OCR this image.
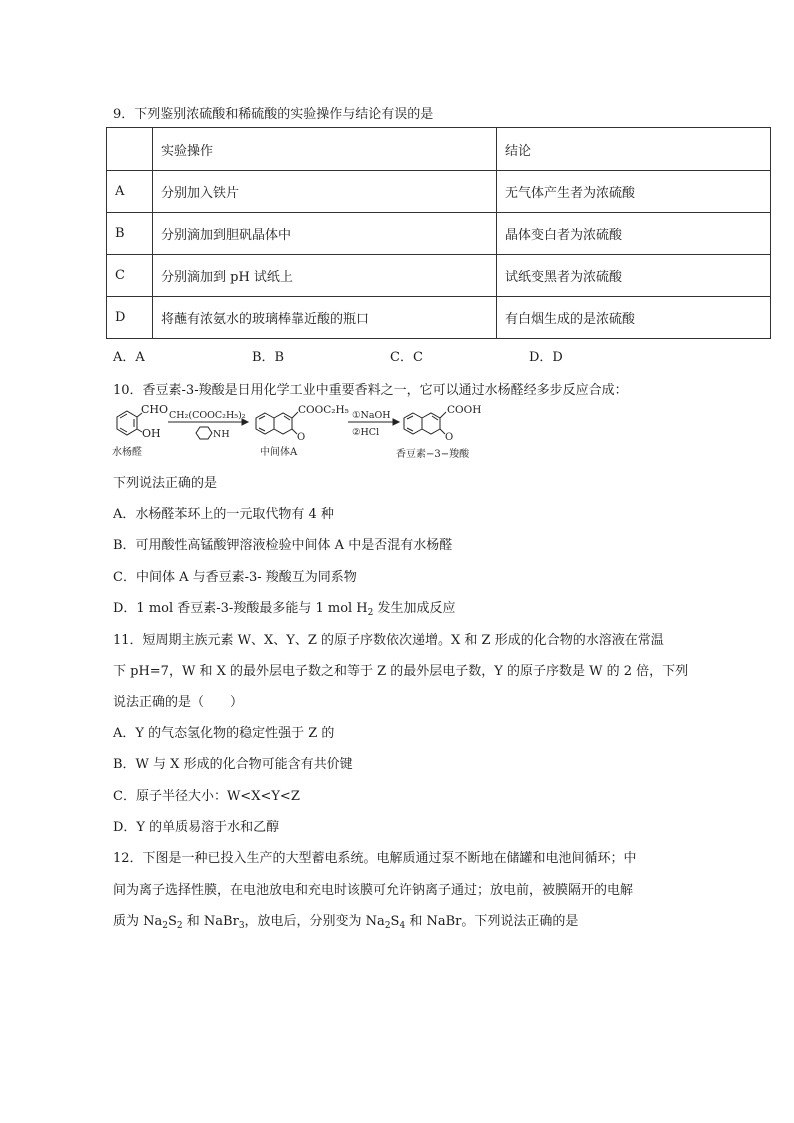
9．下列鉴别浓硫酸和稀硫酸的实验操作与结论有误的是
	实验操作	结论
A	分别加入铁片	无气体产生者为浓硫酸
B	分别滴加到胆矾晶体中	晶体变白者为浓硫酸
C	分别滴加到 pH 试纸上	试纸变黑者为浓硫酸
D	将蘸有浓氨水的玻璃棒靠近酸的瓶口	有白烟生成的是浓硫酸
A．A	B．B	C．C	D．D
10．香豆素-3-羧酸是日用化学工业中重要香料之一，它可以通过水杨醛经多步反应合成：
CHO
OH
水杨醛
CH₂(COOC₂H₅)₂
NH
COOC₂H₅
O
中间体A
①NaOH
②HCl
COOH
O
香豆素−3−羧酸
下列说法正确的是
A．水杨醛苯环上的一元取代物有 4 种
B．可用酸性高锰酸钾溶液检验中间体 A 中是否混有水杨醛
C．中间体 A 与香豆素-3- 羧酸互为同系物
D．1 mol 香豆素-3-羧酸最多能与 1 mol $H_2$ 发生加成反应
11．短周期主族元素 W、X、Y、Z 的原子序数依次递增。X 和 Z 形成的化合物的水溶液在常温
下 pH=7，W 和 X 的最外层电子数之和等于 Z 的最外层电子数，Y 的原子序数是 W 的 2 倍，下列
说法正确的是（　　）
A．Y 的气态氢化物的稳定性强于 Z 的
B．W 与 X 形成的化合物可能含有共价键
C．原子半径大小：W<X<Y<Z
D．Y 的单质易溶于水和乙醇
12．下图是一种已投入生产的大型蓄电系统。电解质通过泵不断地在储罐和电池间循环；中
间为离子选择性膜，在电池放电和充电时该膜可允许钠离子通过；放电前，被膜隔开的电解
质为 $Na_2S_2$ 和 NaBr$_3$，放电后，分别变为 $Na_2S_4$ 和 NaBr。下列说法正确的是
